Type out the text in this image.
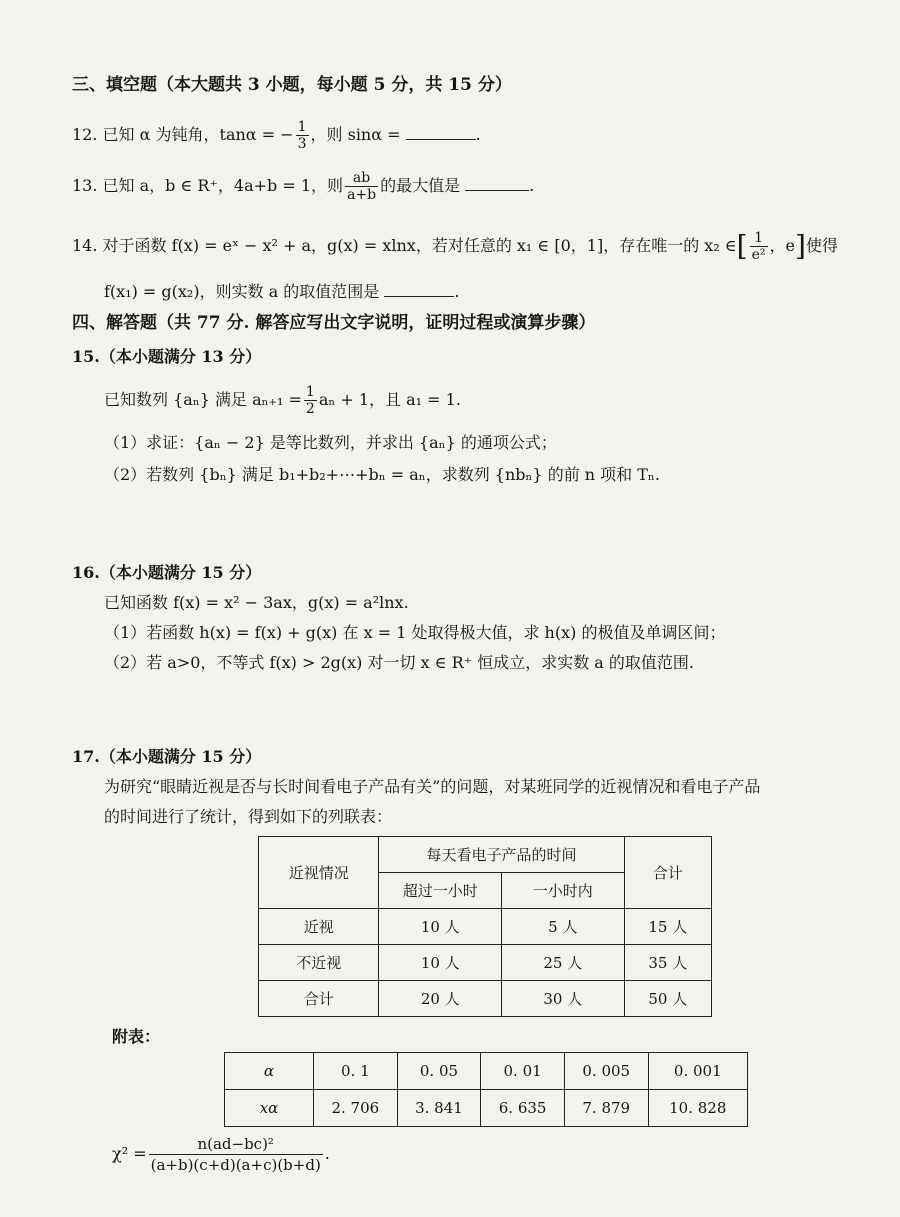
三、填空题（本大题共 3 小题，每小题 5 分，共 15 分）
12. 已知 α 为钝角，tanα = − $\frac{1}{3}$ ，则 sinα =	.
13. 已知 a，b ∈ R⁺，4a+b = 1，则 $\frac{ab}{a+b}$ 的最大值是	.
14. 对于函数 f(x) = eˣ − x² + a，g(x) = xlnx，若对任意的 x₁ ∈ [0，1]，存在唯一的 x₂ ∈[ $\frac{1}{\text{e²}}$ ，e]使得
f(x₁) = g(x₂)，则实数 a 的取值范围是	.
四、解答题（共 77 分. 解答应写出文字说明，证明过程或演算步骤）
15.（本小题满分 13 分）
已知数列 {aₙ} 满足 $a_{n+1} = \frac{1}{2}$ aₙ + 1，且 a₁ = 1.
（1）求证：{aₙ − 2} 是等比数列，并求出 {aₙ} 的通项公式；
（2）若数列 {bₙ} 满足 b₁+b₂+⋯+bₙ = aₙ，求数列 {nbₙ} 的前 n 项和 Tₙ.
16.（本小题满分 15 分）
已知函数 f(x) = x² − 3ax，g(x) = a²lnx.
（1）若函数 h(x) = f(x) + g(x) 在 x = 1 处取得极大值，求 h(x) 的极值及单调区间；
（2）若 a>0，不等式 f(x) > 2g(x) 对一切 x ∈ R⁺ 恒成立，求实数 a 的取值范围.
17.（本小题满分 15 分）
为研究“眼睛近视是否与长时间看电子产品有关”的问题，对某班同学的近视情况和看电子产品
的时间进行了统计，得到如下的列联表：
近视情况	每天看电子产品的时间		合计
	超过一小时	一小时内	
近视	10 人	5 人	15 人
不近视	10 人	25 人	35 人
合计	20 人	30 人	50 人
附表：
α	0. 1	0. 05	0. 01	0. 005	0. 001
xα	2. 706	3. 841	6. 635	7. 879	10. 828
$\chi^2 = \frac{\text{n(ad−bc)²}}{(a+b)(c+d)(a+c)(b+d)}$ .
